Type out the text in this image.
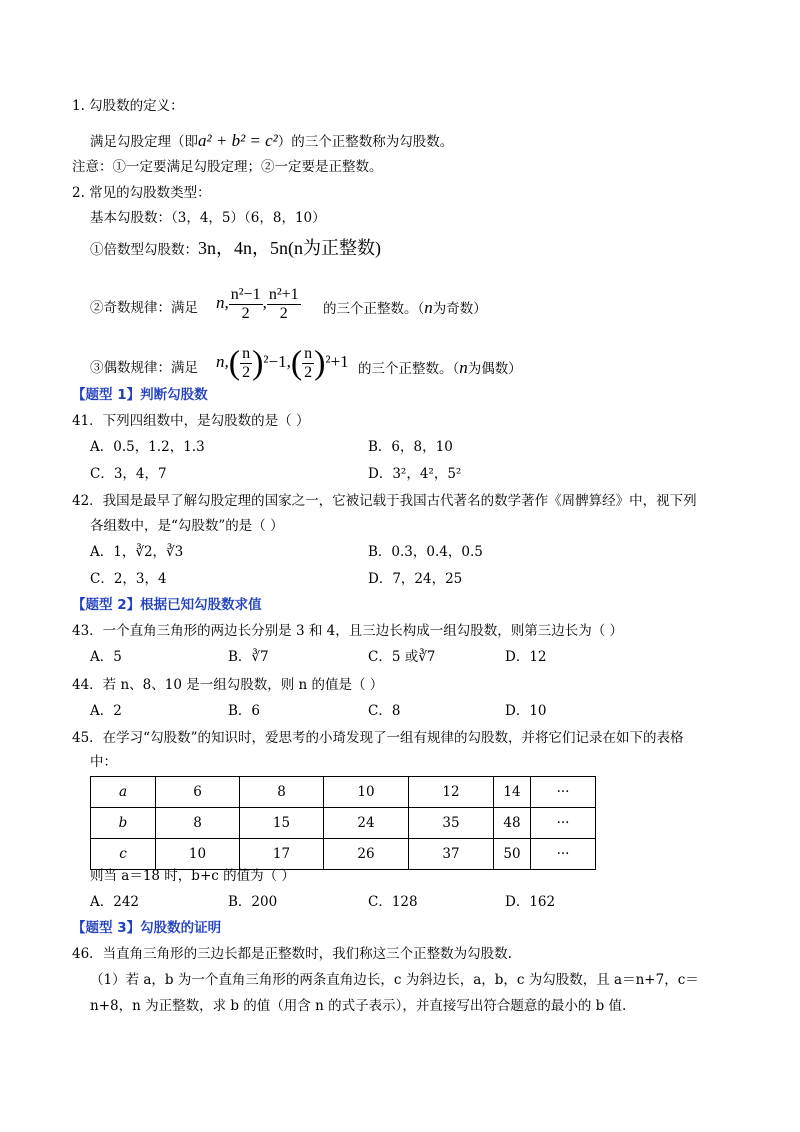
1. 勾股数的定义：
满足勾股定理（即a² + b² = c²）的三个正整数称为勾股数。
注意：①一定要满足勾股定理；②一定要是正整数。
2. 常见的勾股数类型：
基本勾股数：（3，4，5）（6，8，10）
①倍数型勾股数：3n，4n，5n(n为正整数)
②奇数规律：满足 n, $\frac{\text{n²−1}}{2}$ , $\frac{\text{n²+1}}{2}$ 的三个正整数。（n为奇数）
③偶数规律：满足 $n,( \frac{n}{2} )^2-1,( \frac{n}{2} )^2+1$ 的三个正整数。（n为偶数）
【题型 1】判断勾股数
41．下列四组数中，是勾股数的是（ ）
A．0.5，1.2，1.3	B．6，8，10
C．3，4，7	D．3²，4²，5²
42．我国是最早了解勾股定理的国家之一，它被记载于我国古代著名的数学著作《周髀算经》中，视下列
各组数中，是“勾股数”的是（ ）
A．1，∛2，∛3	B．0.3，0.4，0.5
C．2，3，4	D．7，24，25
【题型 2】根据已知勾股数求值
43．一个直角三角形的两边长分别是 3 和 4，且三边长构成一组勾股数，则第三边长为（ ）
A．5	B．∛7	C．5 或∛7	D．12
44．若 n、8、10 是一组勾股数，则 n 的值是（ ）
A．2	B．6	C．8	D．10
45．在学习“勾股数”的知识时，爱思考的小琦发现了一组有规律的勾股数，并将它们记录在如下的表格
中：
a	6	8	10	12	14	···
b	8	15	24	35	48	···
c	10	17	26	37	50	···
则当 a＝18 时，b+c 的值为（ ）
A．242	B．200	C．128	D．162
【题型 3】勾股数的证明
46．当直角三角形的三边长都是正整数时，我们称这三个正整数为勾股数.
（1）若 a，b 为一个直角三角形的两条直角边长，c 为斜边长，a，b，c 为勾股数，且 a＝n+7，c＝
n+8，n 为正整数，求 b 的值（用含 n 的式子表示），并直接写出符合题意的最小的 b 值.
